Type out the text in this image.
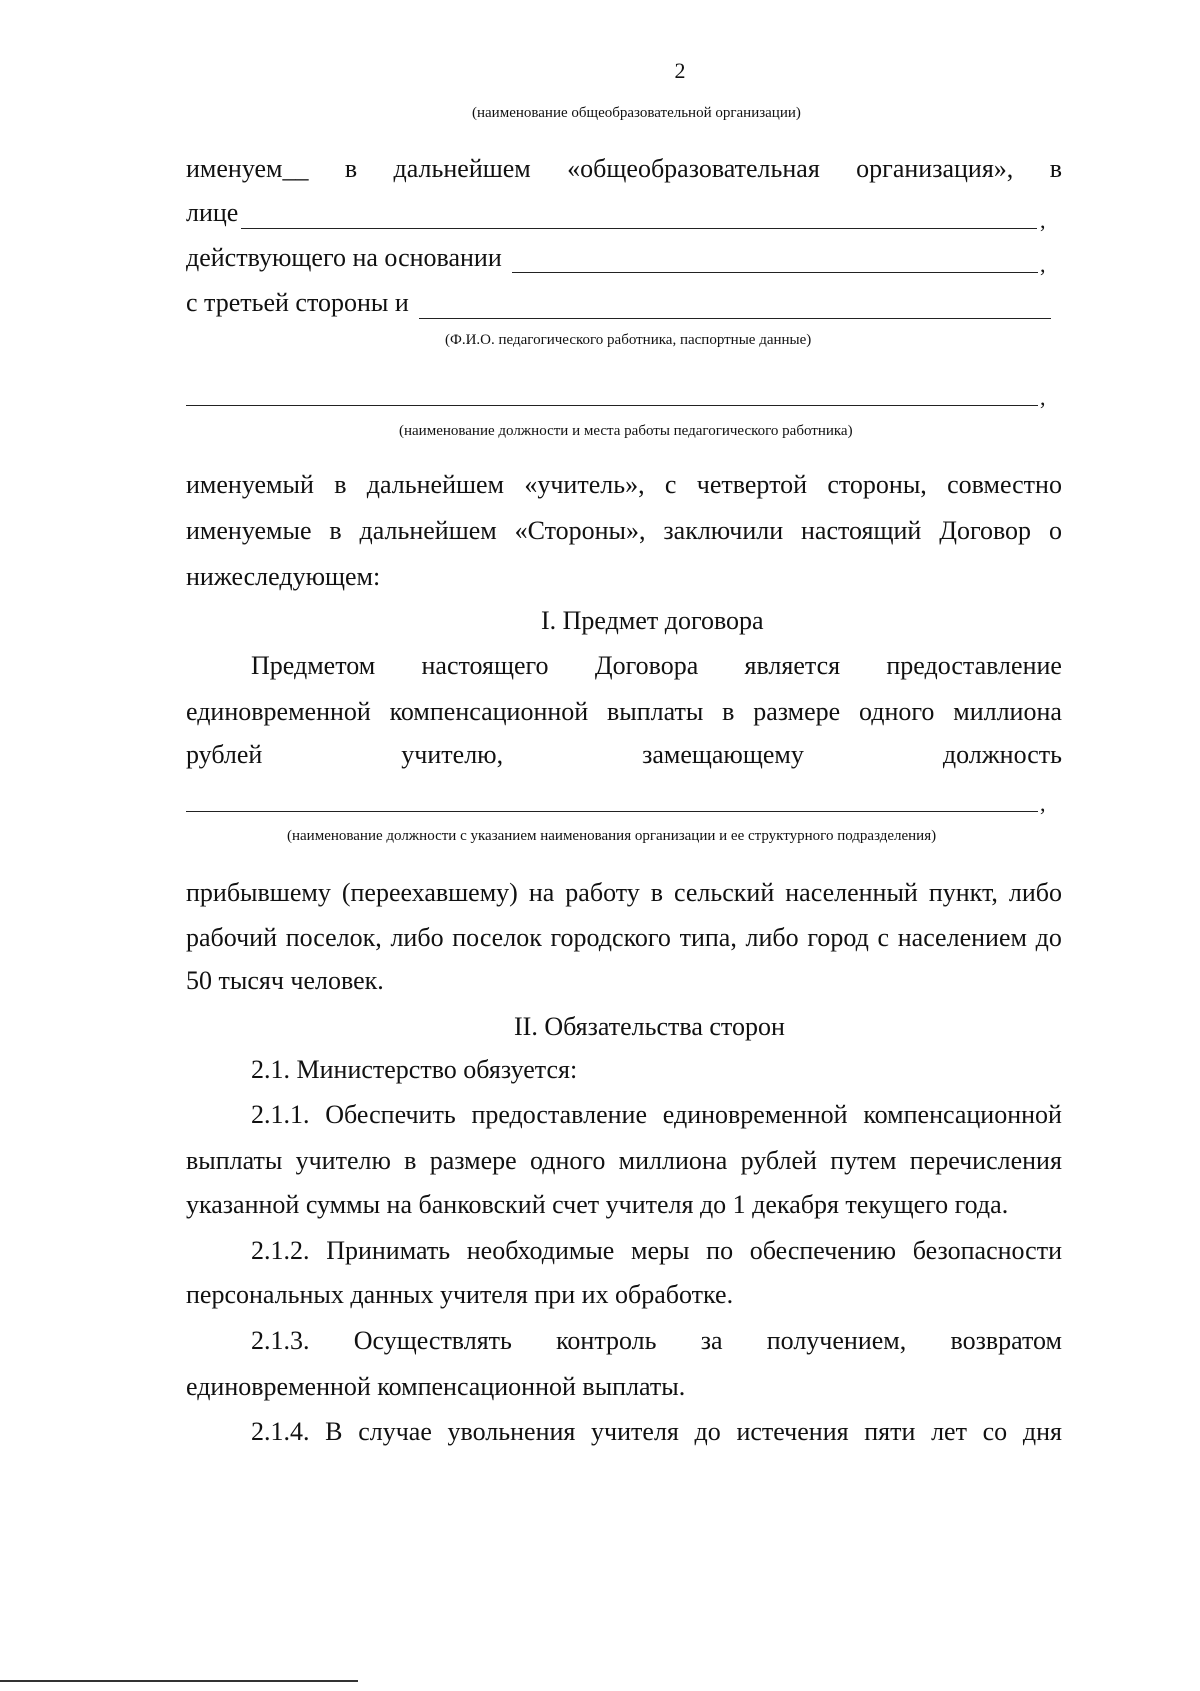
2
(наименование общеобразовательной организации)
именуем__ в дальнейшем «общеобразовательная организация», в
лице	,
действующего на основании	,
с третьей стороны и
(Ф.И.О. педагогического работника, паспортные данные)
,
(наименование должности и места работы педагогического работника)
именуемый в дальнейшем «учитель», с четвертой стороны, совместно
именуемые в дальнейшем «Стороны», заключили настоящий Договор о
нижеследующем:
I. Предмет договора
Предметом настоящего Договора является предоставление
единовременной компенсационной выплаты в размере одного миллиона
рублей	учителю,	замещающему	должность
,
(наименование должности с указанием наименования организации и ее структурного подразделения)
прибывшему (переехавшему) на работу в сельский населенный пункт, либо
рабочий поселок, либо поселок городского типа, либо город с населением до
50 тысяч человек.
II. Обязательства сторон
2.1. Министерство обязуется:
2.1.1. Обеспечить предоставление единовременной компенсационной
выплаты учителю в размере одного миллиона рублей путем перечисления
указанной суммы на банковский счет учителя до 1 декабря текущего года.
2.1.2. Принимать необходимые меры по обеспечению безопасности
персональных данных учителя при их обработке.
2.1.3. Осуществлять контроль за получением, возвратом
единовременной компенсационной выплаты.
2.1.4. В случае увольнения учителя до истечения пяти лет со дня
